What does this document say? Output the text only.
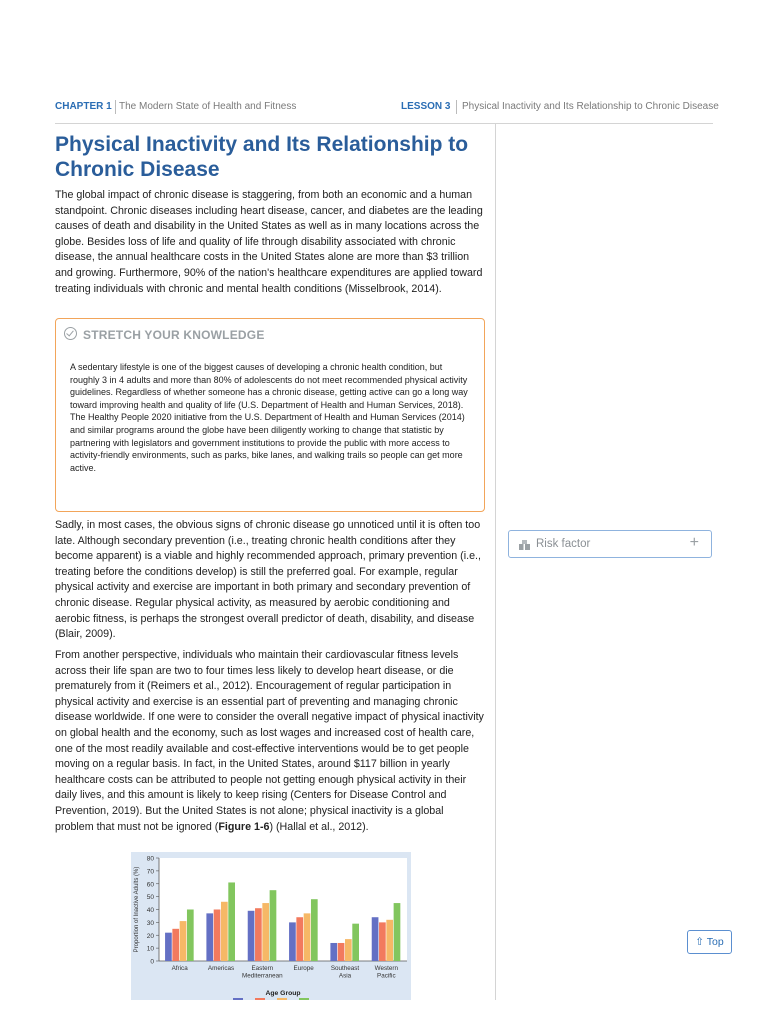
CHAPTER 1 The Modern State of Health and Fitness	LESSON 3 Physical Inactivity and Its Relationship to Chronic Disease
Physical Inactivity and Its Relationship to Chronic Disease

The global impact of chronic disease is staggering, from both an economic and a human standpoint. Chronic diseases including heart disease, cancer, and diabetes are the leading causes of death and disability in the United States as well as in many locations across the globe. Besides loss of life and quality of life through disability associated with chronic disease, the annual healthcare costs in the United States alone are more than $3 trillion and growing. Furthermore, 90% of the nation's healthcare expenditures are applied toward treating individuals with chronic and mental health conditions (Misselbrook, 2014).

STRETCH YOUR KNOWLEDGE

A sedentary lifestyle is one of the biggest causes of developing a chronic health condition, but roughly 3 in 4 adults and more than 80% of adolescents do not meet recommended physical activity guidelines. Regardless of whether someone has a chronic disease, getting active can go a long way toward improving health and quality of life (U.S. Department of Health and Human Services, 2018). The Healthy People 2020 initiative from the U.S. Department of Health and Human Services (2014) and similar programs around the globe have been diligently working to change that statistic by partnering with legislators and government institutions to provide the public with more access to activity-friendly environments, such as parks, bike lanes, and walking trails so people can get more active.

Sadly, in most cases, the obvious signs of chronic disease go unnoticed until it is often too late. Although secondary prevention (i.e., treating chronic health conditions after they become apparent) is a viable and highly recommended approach, primary prevention (i.e., treating before the conditions develop) is still the preferred goal. For example, regular physical activity and exercise are important in both primary and secondary prevention of chronic disease. Regular physical activity, as measured by aerobic conditioning and aerobic fitness, is perhaps the strongest overall predictor of death, disability, and disease (Blair, 2009).

From another perspective, individuals who maintain their cardiovascular fitness levels across their life span are two to four times less likely to develop heart disease, or die prematurely from it (Reimers et al., 2012). Encouragement of regular participation in physical activity and exercise is an essential part of preventing and managing chronic disease worldwide. If one were to consider the overall negative impact of physical inactivity on global health and the economy, such as lost wages and increased cost of health care, one of the most readily available and cost-effective interventions would be to get people moving on a regular basis. In fact, in the United States, around $117 billion in yearly healthcare costs can be attributed to people not getting enough physical activity in their daily lives, and this amount is likely to keep rising (Centers for Disease Control and Prevention, 2019). But the United States is not alone; physical inactivity is a global problem that must not be ignored (Figure 1-6) (Hallal et al., 2012).

Risk factor	+
⇧ Top
0
10
20
30
40
50
60
70
80
Proportion of Inactive Adults (%)
Africa	Americas	Eastern
Mediterranean
Europe	Southeast
Asia
Western
Pacific
Age Group
